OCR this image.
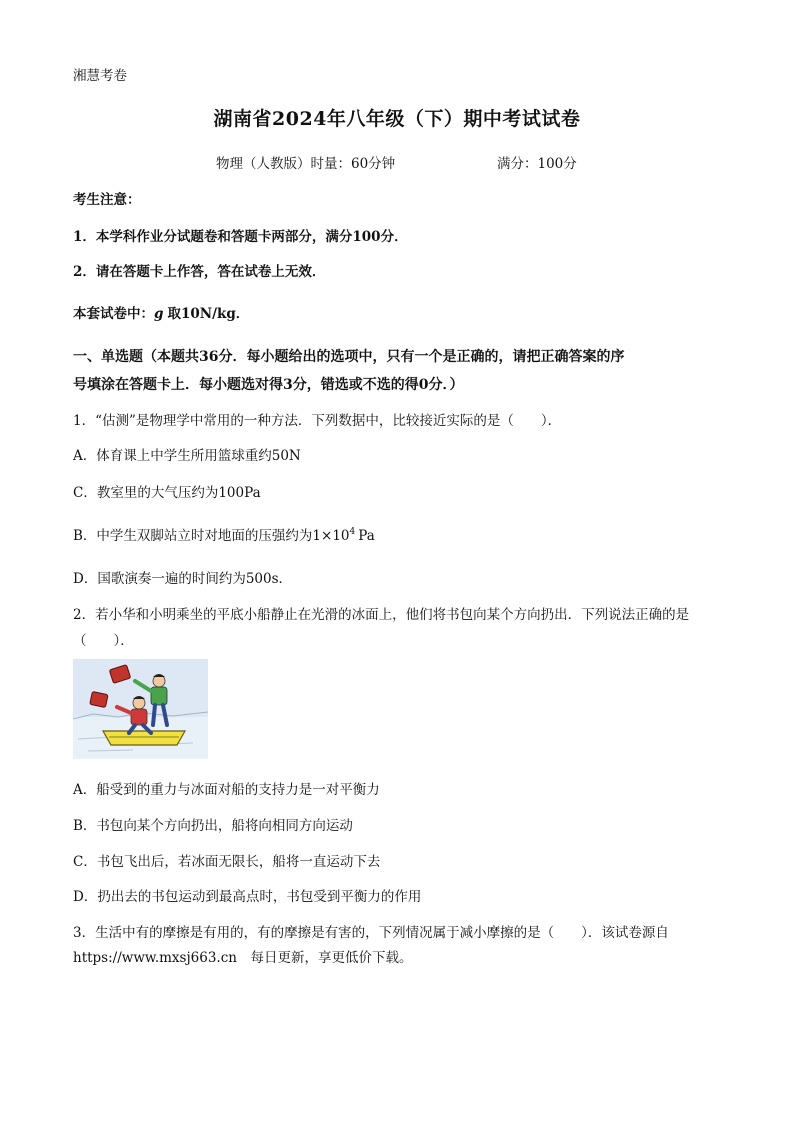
湘慧考卷
湖南省2024年八年级（下）期中考试试卷
物理（人教版）时量：60分钟	满分：100分
考生注意：
1．本学科作业分试题卷和答题卡两部分，满分100分．
2．请在答题卡上作答，答在试卷上无效．
本套试卷中：g 取10N/kg．
一、单选题（本题共36分．每小题给出的选项中，只有一个是正确的，请把正确答案的序
号填涂在答题卡上．每小题选对得3分，错选或不选的得0分．）
1．“估测”是物理学中常用的一种方法．下列数据中，比较接近实际的是（　　）．
A．体育课上中学生所用篮球重约50N
C．教室里的大气压约为100Pa
B．中学生双脚站立时对地面的压强约为$1\times 10^4$ Pa
D．国歌演奏一遍的时间约为500s．
2．若小华和小明乘坐的平底小船静止在光滑的冰面上，他们将书包向某个方向扔出．下列说法正确的是
（　　）．
A．船受到的重力与冰面对船的支持力是一对平衡力
B．书包向某个方向扔出，船将向相同方向运动
C．书包飞出后，若冰面无限长，船将一直运动下去
D．扔出去的书包运动到最高点时，书包受到平衡力的作用
3．生活中有的摩擦是有用的，有的摩擦是有害的，下列情况属于减小摩擦的是（　　）．该试卷源自
https://www.mxsj663.cn　每日更新，享更低价下载。
